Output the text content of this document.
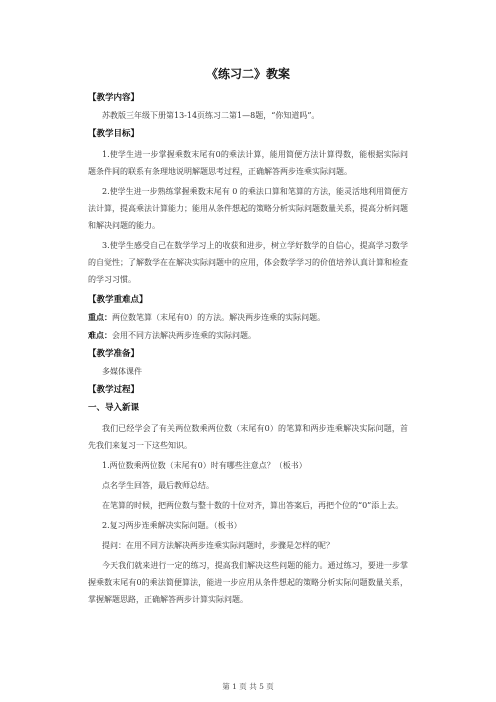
《练习二》教案
【教学内容】
苏教版三年级下册第13-14页练习二第1—8题，“你知道吗”。
【教学目标】
1.使学生进一步掌握乘数末尾有0的乘法计算，能用简便方法计算得数，能根据实际问题条件间的联系有条理地说明解题思考过程，正确解答两步连乘实际问题。
2.使学生进一步熟练掌握乘数末尾有 0 的乘法口算和笔算的方法，能灵活地利用简便方法计算，提高乘法计算能力；能用从条件想起的策略分析实际问题数量关系，提高分析问题和解决问题的能力。
3.使学生感受自己在数学学习上的收获和进步，树立学好数学的自信心，提高学习数学的自觉性；了解数学在在解决实际问题中的应用，体会数学学习的价值培养认真计算和检查的学习习惯。
【教学重难点】
重点：两位数笔算（末尾有0）的方法。解决两步连乘的实际问题。
难点：会用不同方法解决两步连乘的实际问题。
【教学准备】
多媒体课件
【教学过程】
一、导入新课
我们已经学会了有关两位数乘两位数（末尾有0）的笔算和两步连乘解决实际问题，首先我们来复习一下这些知识。
1.两位数乘两位数（末尾有0）时有哪些注意点？（板书）
点名学生回答，最后教师总结。
在笔算的时候，把两位数与整十数的十位对齐，算出答案后，再把个位的“0”添上去。
2.复习两步连乘解决实际问题。（板书）
提问：在用不同方法解决两步连乘实际问题时，步骤是怎样的呢？
今天我们就来进行一定的练习，提高我们解决这些问题的能力。通过练习，要进一步掌握乘数末尾有0的乘法简便算法，能进一步应用从条件想起的策略分析实际问题数量关系，掌握解题思路，正确解答两步计算实际问题。
第 1 页 共 5 页
